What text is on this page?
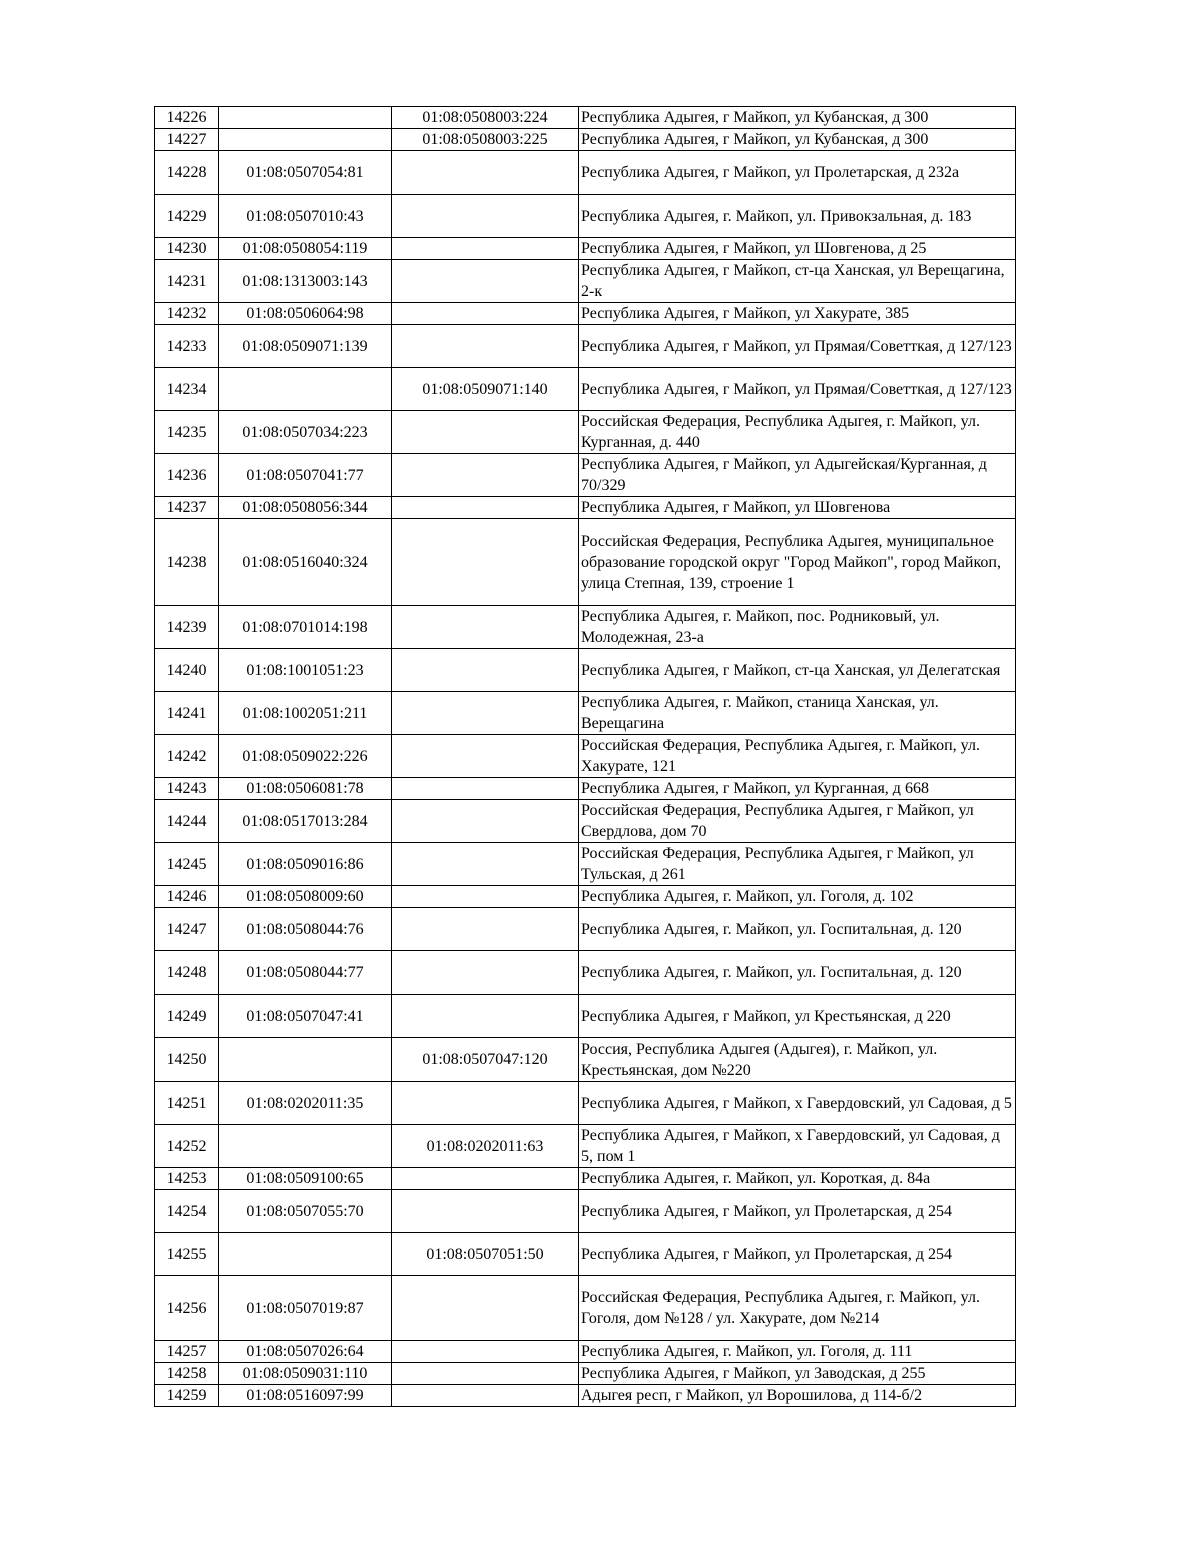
14226		01:08:0508003:224	Республика Адыгея, г Майкоп, ул Кубанская, д 300
14227		01:08:0508003:225	Республика Адыгея, г Майкоп, ул Кубанская, д 300
14228	01:08:0507054:81		Республика Адыгея, г Майкоп, ул Пролетарская, д 232а
14229	01:08:0507010:43		Республика Адыгея, г. Майкоп, ул. Привокзальная, д. 183
14230	01:08:0508054:119		Республика Адыгея, г Майкоп, ул Шовгенова, д 25
14231	01:08:1313003:143		Республика Адыгея, г Майкоп, ст-ца Ханская, ул Верещагина, 2-к
14232	01:08:0506064:98		Республика Адыгея, г Майкоп, ул Хакурате, 385
14233	01:08:0509071:139		Республика Адыгея, г Майкоп, ул Прямая/Советткая, д 127/123
14234		01:08:0509071:140	Республика Адыгея, г Майкоп, ул Прямая/Советткая, д 127/123
14235	01:08:0507034:223		Российская Федерация, Республика Адыгея, г. Майкоп, ул. Курганная, д. 440
14236	01:08:0507041:77		Республика Адыгея, г Майкоп, ул Адыгейская/Курганная, д 70/329
14237	01:08:0508056:344		Республика Адыгея, г Майкоп, ул Шовгенова
14238	01:08:0516040:324		Российская Федерация, Республика Адыгея, муниципальное образование городской округ "Город Майкоп", город Майкоп, улица Степная, 139, строение 1
14239	01:08:0701014:198		Республика Адыгея, г. Майкоп, пос. Родниковый, ул. Молодежная, 23-а
14240	01:08:1001051:23		Республика Адыгея, г Майкоп, ст-ца Ханская, ул Делегатская
14241	01:08:1002051:211		Республика Адыгея, г. Майкоп, станица Ханская, ул. Верещагина
14242	01:08:0509022:226		Российская Федерация, Республика Адыгея, г. Майкоп, ул. Хакурате, 121
14243	01:08:0506081:78		Республика Адыгея, г Майкоп, ул Курганная, д 668
14244	01:08:0517013:284		Российская Федерация, Республика Адыгея, г Майкоп, ул Свердлова, дом 70
14245	01:08:0509016:86		Российская Федерация, Республика Адыгея, г Майкоп, ул Тульская, д 261
14246	01:08:0508009:60		Республика Адыгея, г. Майкоп, ул. Гоголя, д. 102
14247	01:08:0508044:76		Республика Адыгея, г. Майкоп, ул. Госпитальная, д. 120
14248	01:08:0508044:77		Республика Адыгея, г. Майкоп, ул. Госпитальная, д. 120
14249	01:08:0507047:41		Республика Адыгея, г Майкоп, ул Крестьянская, д 220
14250		01:08:0507047:120	Россия, Республика Адыгея (Адыгея), г. Майкоп, ул. Крестьянская, дом №220
14251	01:08:0202011:35		Республика Адыгея, г Майкоп, х Гавердовский, ул Садовая, д 5
14252		01:08:0202011:63	Республика Адыгея, г Майкоп, х Гавердовский, ул Садовая, д 5, пом 1
14253	01:08:0509100:65		Республика Адыгея, г. Майкоп, ул. Короткая, д. 84а
14254	01:08:0507055:70		Республика Адыгея, г Майкоп, ул Пролетарская, д 254
14255		01:08:0507051:50	Республика Адыгея, г Майкоп, ул Пролетарская, д 254
14256	01:08:0507019:87		Российская Федерация, Республика Адыгея, г. Майкоп, ул. Гоголя, дом №128 / ул. Хакурате, дом №214
14257	01:08:0507026:64		Республика Адыгея, г. Майкоп, ул. Гоголя, д. 111
14258	01:08:0509031:110		Республика Адыгея, г Майкоп, ул Заводская, д 255
14259	01:08:0516097:99		Адыгея респ, г Майкоп, ул Ворошилова, д 114-б/2
